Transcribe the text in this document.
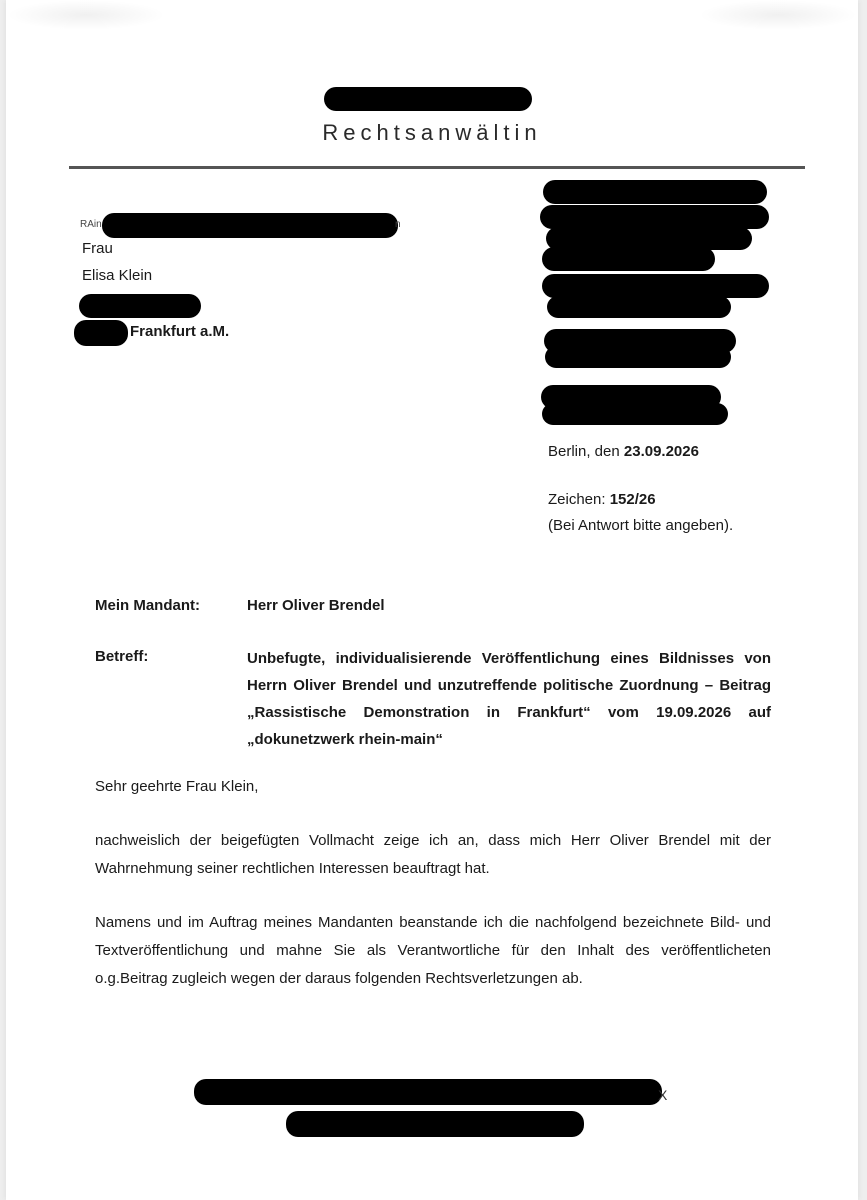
Rechtsanwältin
RAin	n
Frau
Elisa Klein
Frankfurt a.M.
Berlin, den 23.09.2026
Zeichen: 152/26
(Bei Antwort bitte angeben).
Mein Mandant:	Herr Oliver Brendel
Betreff:	Unbefugte, individualisierende Veröffentlichung eines Bildnisses von Herrn Oliver Brendel und unzutreffende politische Zuordnung – Beitrag „Rassistische Demonstration in Frankfurt“ vom 19.09.2026 auf „dokunetzwerk rhein-main“
Sehr geehrte Frau Klein,
nachweislich der beigefügten Vollmacht zeige ich an, dass mich Herr Oliver Brendel mit der Wahrnehmung seiner rechtlichen Interessen beauftragt hat.
Namens und im Auftrag meines Mandanten beanstande ich die nachfolgend bezeichnete Bild- und Textveröffentlichung und mahne Sie als Verantwortliche für den Inhalt des veröffentlicheten o.g.Beitrag zugleich wegen der daraus folgenden Rechtsverletzungen ab.
X
